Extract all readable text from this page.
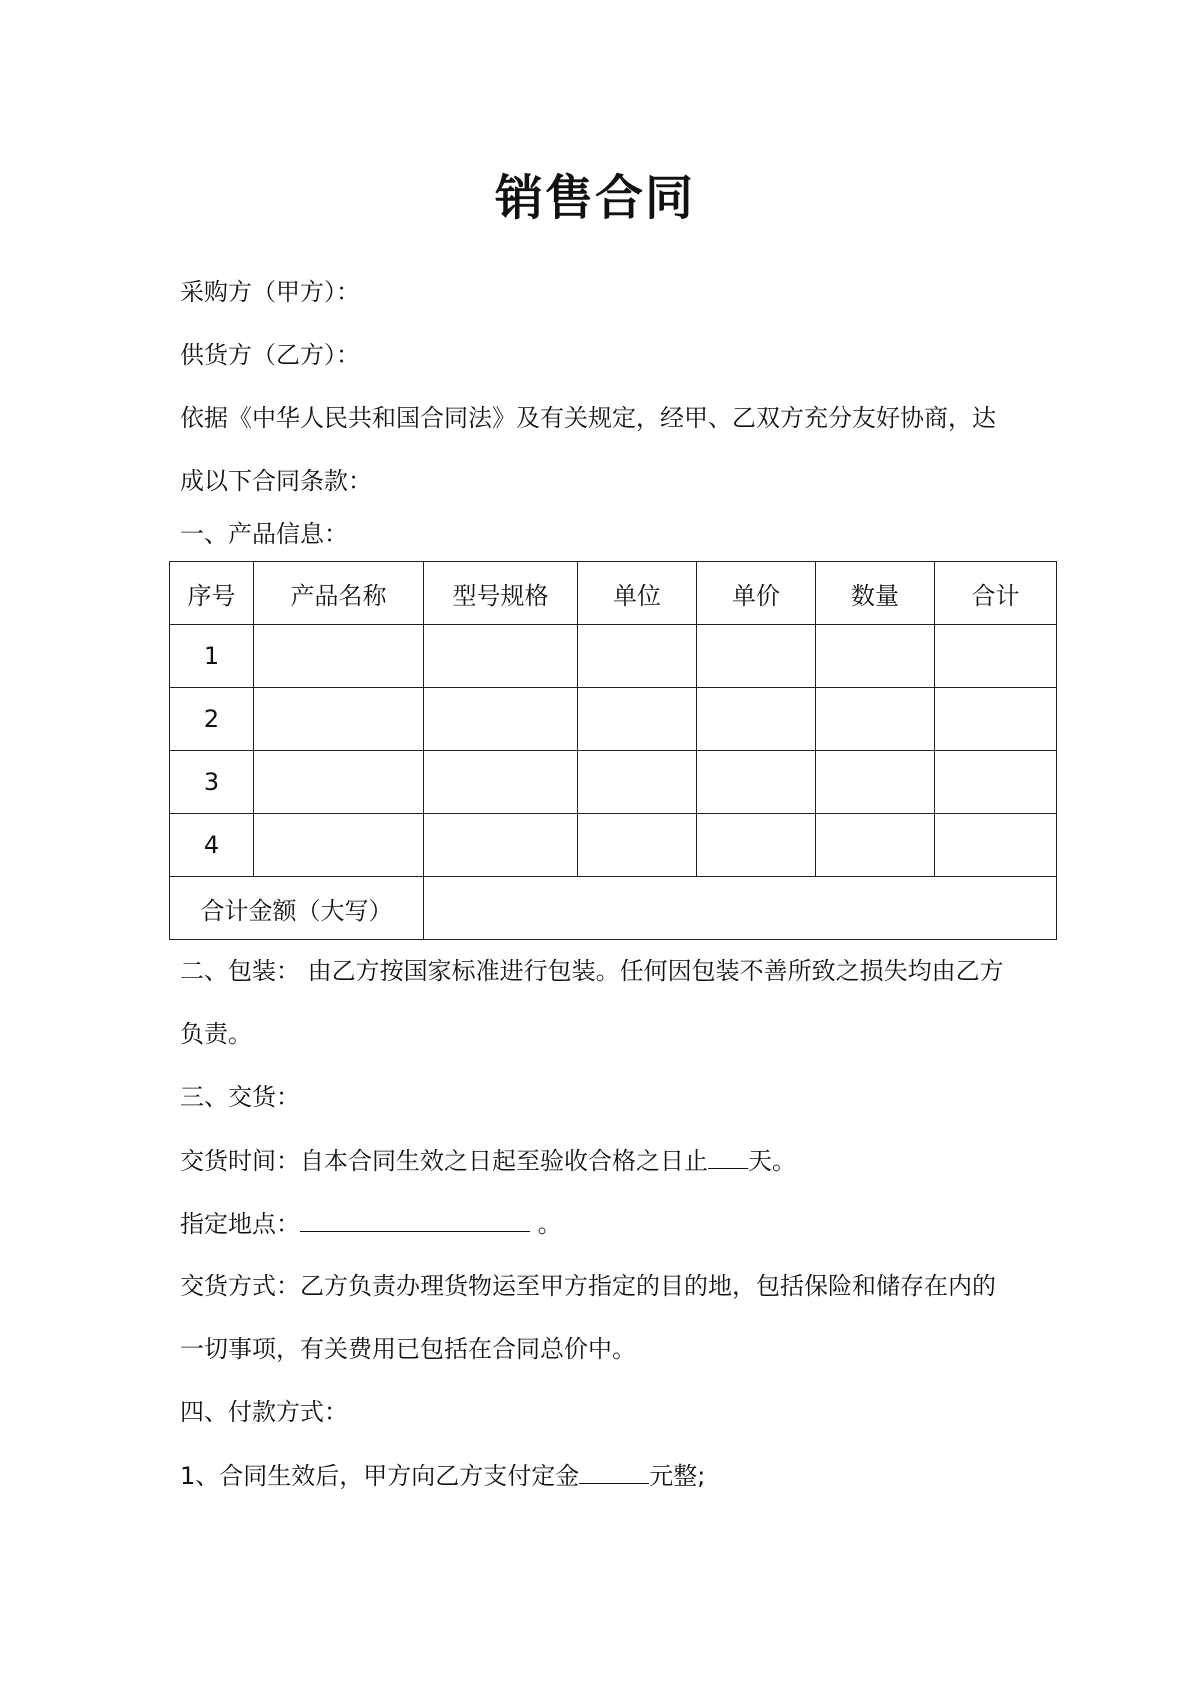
销售合同
采购方（甲方）：
供货方（乙方）：
依据《中华人民共和国合同法》及有关规定，经甲、乙双方充分友好协商，达
成以下合同条款：
一、产品信息：
序号	产品名称	型号规格	单位	单价	数量	合计
1						
2						
3						
4						
合计金额（大写）						
二、包装： 由乙方按国家标准进行包装。任何因包装不善所致之损失均由乙方
负责。
三、交货：
交货时间：自本合同生效之日起至验收合格之日止 天。
指定地点：	。
交货方式：乙方负责办理货物运至甲方指定的目的地，包括保险和储存在内的
一切事项，有关费用已包括在合同总价中。
四、付款方式：
1、合同生效后，甲方向乙方支付定金	元整;
